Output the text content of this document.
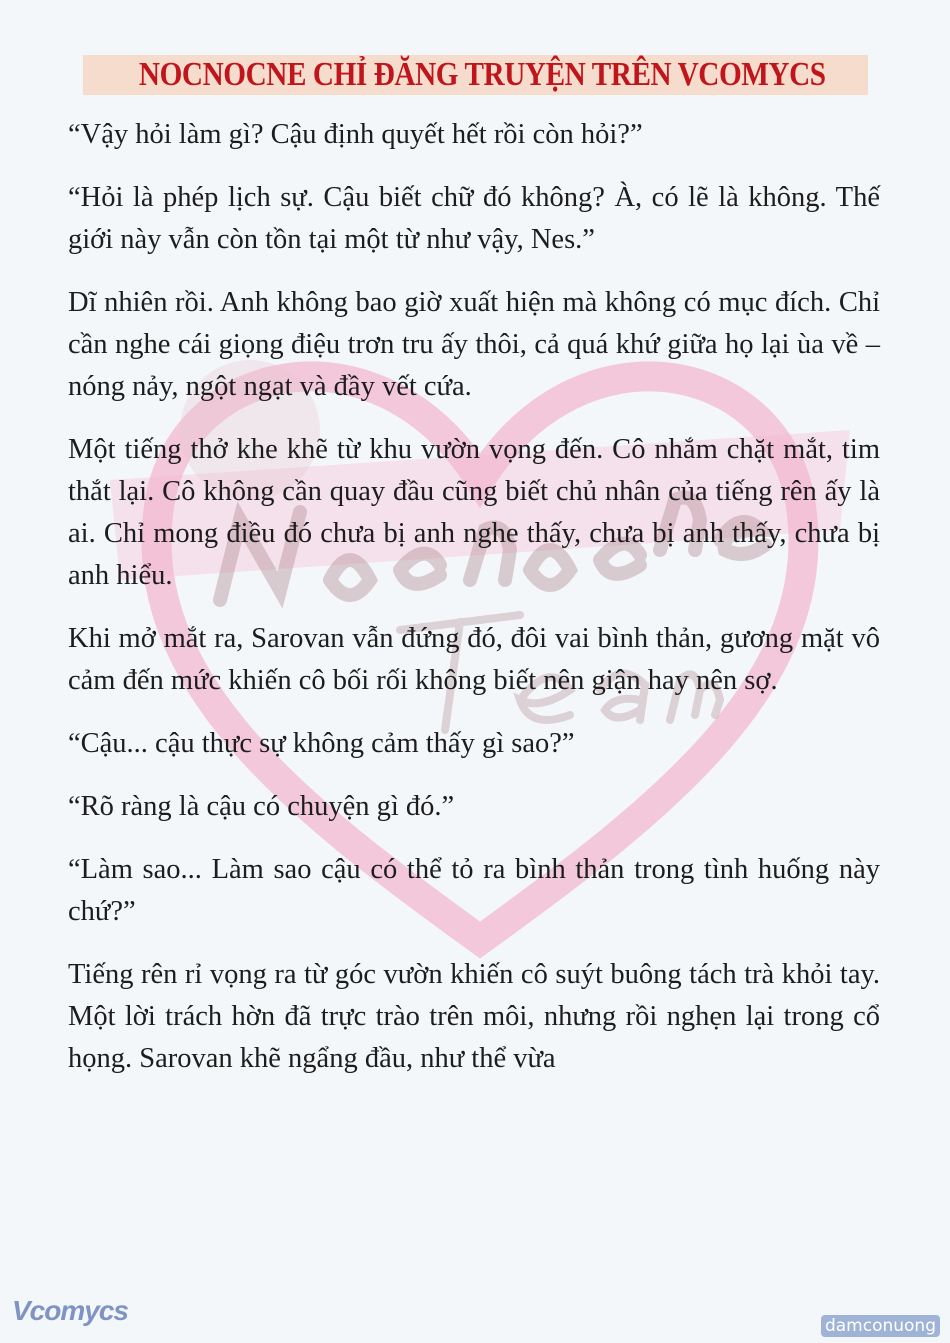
NOCNOCNE CHỈ ĐĂNG TRUYỆN TRÊN VCOMYCS

“Vậy hỏi làm gì? Cậu định quyết hết rồi còn hỏi?”

“Hỏi là phép lịch sự. Cậu biết chữ đó không? À, có lẽ là không. Thế giới này vẫn còn tồn tại một từ như vậy, Nes.”

Dĩ nhiên rồi. Anh không bao giờ xuất hiện mà không có mục đích. Chỉ cần nghe cái giọng điệu trơn tru ấy thôi, cả quá khứ giữa họ lại ùa về – nóng nảy, ngột ngạt và đầy vết cứa.

Một tiếng thở khe khẽ từ khu vườn vọng đến. Cô nhắm chặt mắt, tim thắt lại. Cô không cần quay đầu cũng biết chủ nhân của tiếng rên ấy là ai. Chỉ mong điều đó chưa bị anh nghe thấy, chưa bị anh thấy, chưa bị anh hiểu.

Khi mở mắt ra, Sarovan vẫn đứng đó, đôi vai bình thản, gương mặt vô cảm đến mức khiến cô bối rối không biết nên giận hay nên sợ.

“Cậu... cậu thực sự không cảm thấy gì sao?”

“Rõ ràng là cậu có chuyện gì đó.”

“Làm sao... Làm sao cậu có thể tỏ ra bình thản trong tình huống này chứ?”

Tiếng rên rỉ vọng ra từ góc vườn khiến cô suýt buông tách trà khỏi tay. Một lời trách hờn đã trực trào trên môi, nhưng rồi nghẹn lại trong cổ họng. Sarovan khẽ ngẩng đầu, như thể vừa

Vcomycs	damconuong
